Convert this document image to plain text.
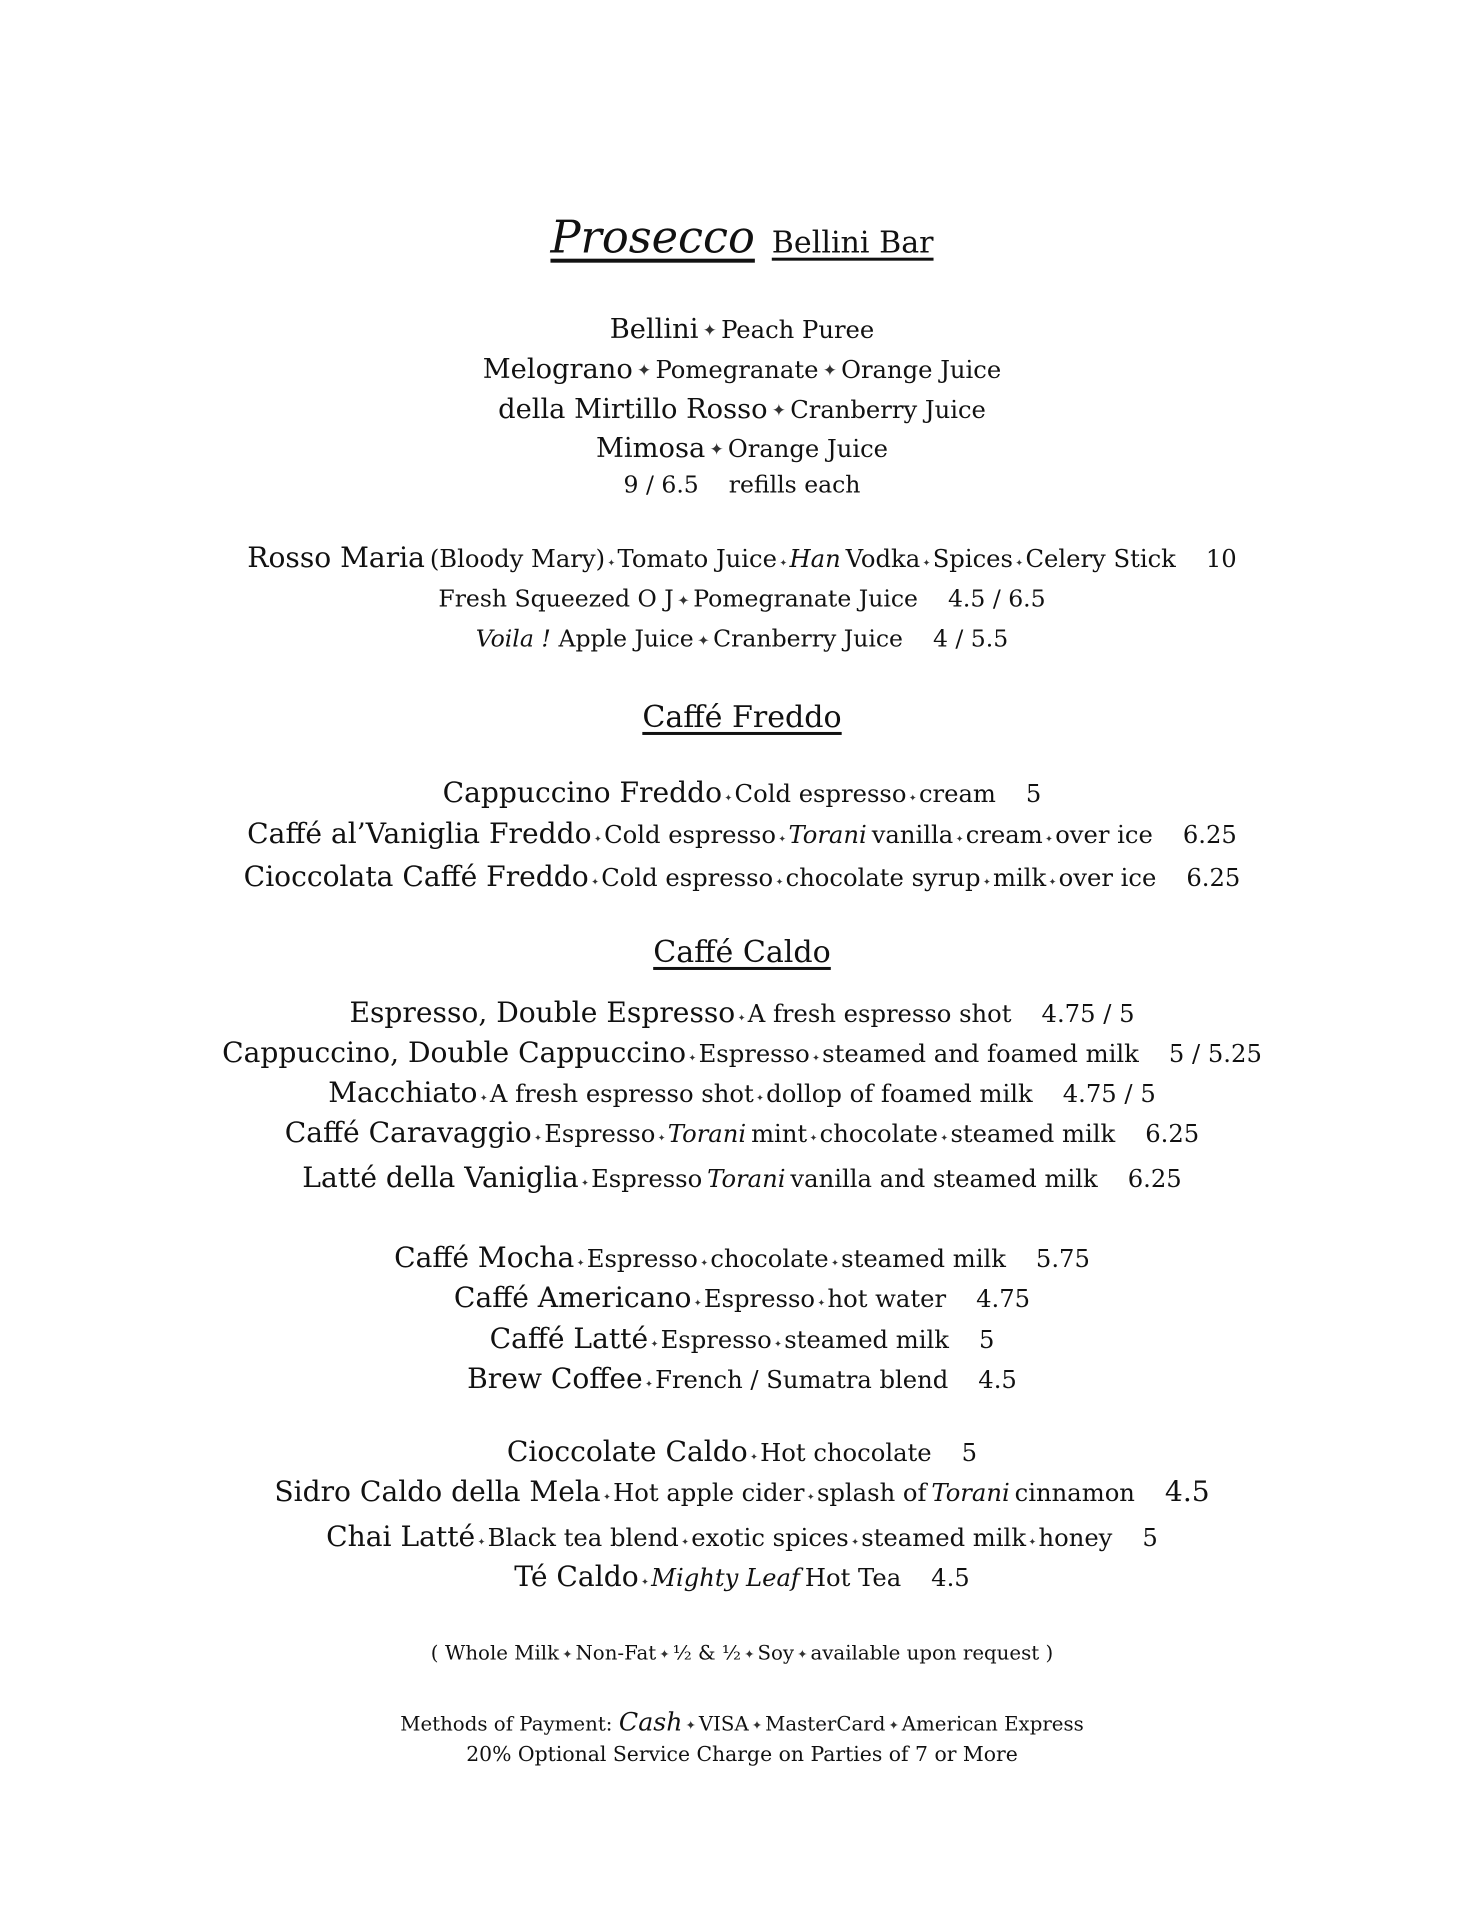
Prosecco Bellini Bar
Bellini ✦ Peach Puree
Melograno ✦ Pomegranate ✦ Orange Juice
della Mirtillo Rosso ✦ Cranberry Juice
Mimosa ✦ Orange Juice
9 / 6.5 refills each
Rosso Maria (Bloody Mary) ✦Tomato Juice ✦Han Vodka ✦Spices ✦Celery Stick 10
Fresh Squeezed O J ✦ Pomegranate Juice 4.5 / 6.5
Voila ! Apple Juice ✦ Cranberry Juice 4 / 5.5
Caffé Freddo
Cappuccino Freddo ✦Cold espresso ✦cream 5
Caffé al’Vaniglia Freddo ✦Cold espresso ✦Torani vanilla ✦cream ✦over ice 6.25
Cioccolata Caffé Freddo ✦Cold espresso ✦chocolate syrup ✦milk ✦over ice 6.25
Caffé Caldo
Espresso, Double Espresso ✦A fresh espresso shot 4.75 / 5
Cappuccino, Double Cappuccino ✦Espresso ✦steamed and foamed milk 5 / 5.25
Macchiato ✦A fresh espresso shot ✦dollop of foamed milk 4.75 / 5
Caffé Caravaggio ✦Espresso ✦Torani mint ✦chocolate ✦steamed milk 6.25
Latté della Vaniglia ✦Espresso Torani vanilla and steamed milk 6.25
Caffé Mocha ✦Espresso ✦chocolate ✦steamed milk 5.75
Caffé Americano ✦Espresso ✦hot water 4.75
Caffé Latté ✦Espresso ✦steamed milk 5
Brew Coffee ✦French / Sumatra blend 4.5
Cioccolate Caldo ✦Hot chocolate 5
Sidro Caldo della Mela ✦Hot apple cider ✦splash of Torani cinnamon 4.5
Chai Latté ✦Black tea blend ✦exotic spices ✦steamed milk ✦honey 5
Té Caldo ✦Mighty Leaf Hot Tea 4.5
( Whole Milk ✦ Non-Fat ✦ ½ & ½ ✦ Soy ✦ available upon request )
Methods of Payment: Cash ✦ VISA ✦ MasterCard ✦ American Express
20% Optional Service Charge on Parties of 7 or More
